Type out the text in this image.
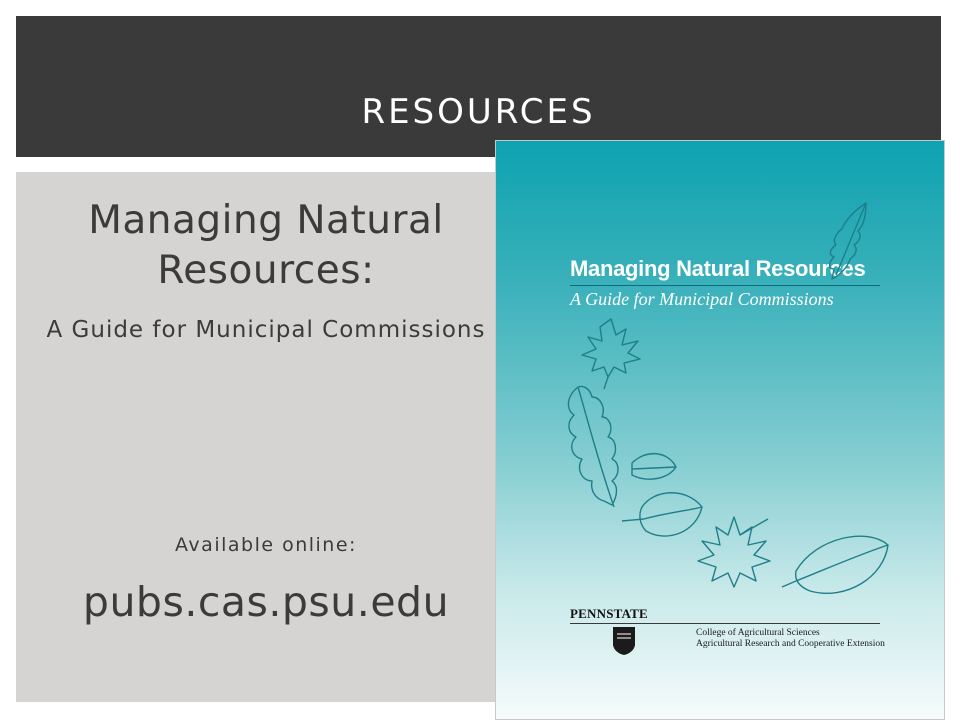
RESOURCES
Managing Natural Resources:
A Guide for Municipal Commissions
Available online:
pubs.cas.psu.edu
Managing Natural Resources
A Guide for Municipal Commissions
PENNSTATE
College of Agricultural Sciences
Agricultural Research and Cooperative Extension
